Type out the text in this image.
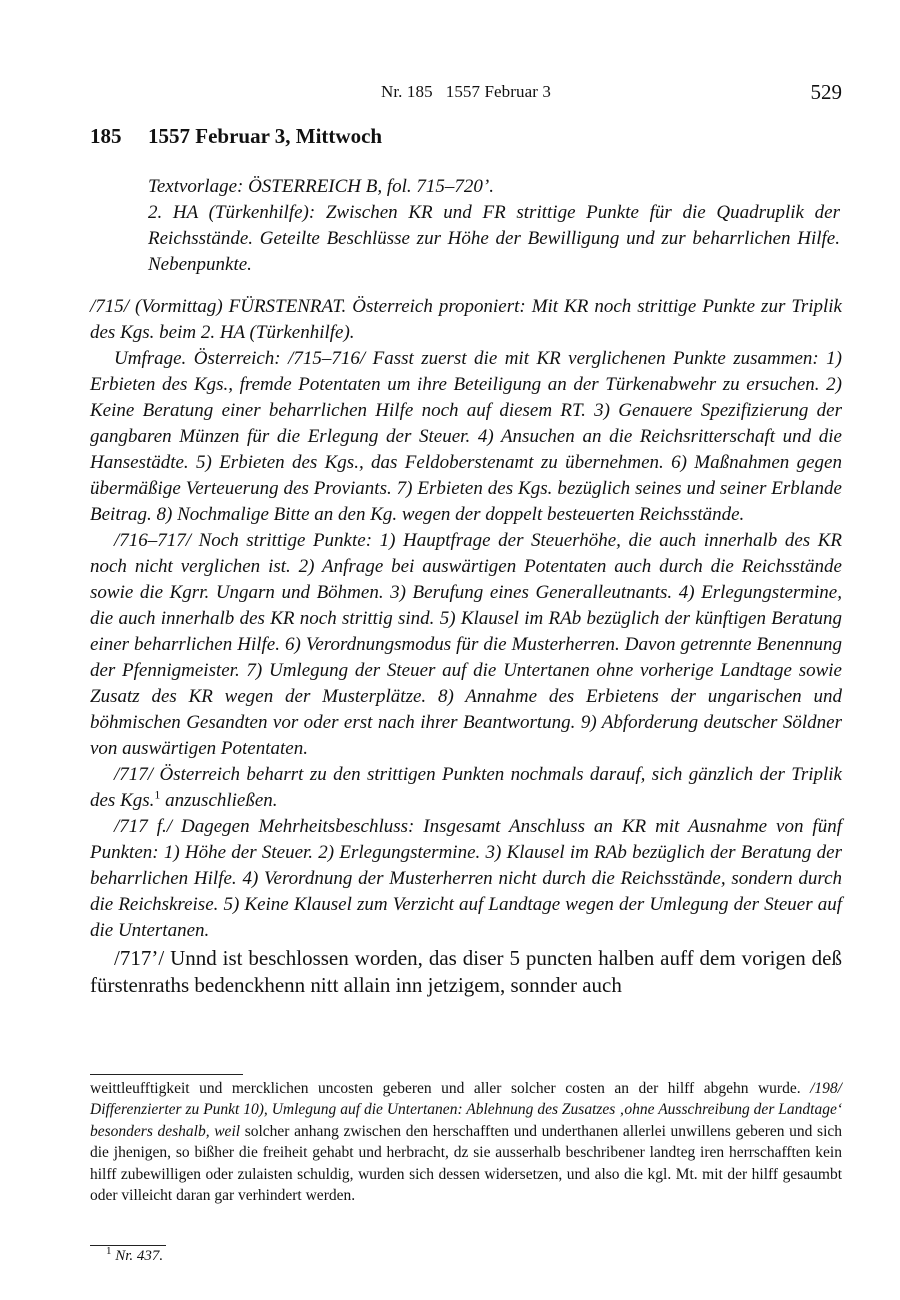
Nr. 185   1557 Februar 3	529
185 1557 Februar 3, Mittwoch

Textvorlage: ÖSTERREICH B, fol. 715–720’.

2. HA (Türkenhilfe): Zwischen KR und FR strittige Punkte für die Quadruplik der Reichsstände. Geteilte Beschlüsse zur Höhe der Bewilligung und zur beharrlichen Hilfe. Nebenpunkte.

/715/ (Vormittag) FÜRSTENRAT. Österreich proponiert: Mit KR noch strittige Punkte zur Triplik des Kgs. beim 2. HA (Türkenhilfe).

Umfrage. Österreich: /715–716/ Fasst zuerst die mit KR verglichenen Punkte zusammen: 1) Erbieten des Kgs., fremde Potentaten um ihre Beteiligung an der Türkenabwehr zu ersuchen. 2) Keine Beratung einer beharrlichen Hilfe noch auf diesem RT. 3) Genauere Spezifizierung der gangbaren Münzen für die Erlegung der Steuer. 4) Ansuchen an die Reichsritterschaft und die Hansestädte. 5) Erbieten des Kgs., das Feldoberstenamt zu übernehmen. 6) Maßnahmen gegen übermäßige Verteuerung des Proviants. 7) Erbieten des Kgs. bezüglich seines und seiner Erblande Beitrag. 8) Nochmalige Bitte an den Kg. wegen der doppelt besteuerten Reichsstände.

/716–717/ Noch strittige Punkte: 1) Hauptfrage der Steuerhöhe, die auch innerhalb des KR noch nicht verglichen ist. 2) Anfrage bei auswärtigen Potentaten auch durch die Reichsstände sowie die Kgrr. Ungarn und Böhmen. 3) Berufung eines Generalleutnants. 4) Erlegungstermine, die auch innerhalb des KR noch strittig sind. 5) Klausel im RAb bezüglich der künftigen Beratung einer beharrlichen Hilfe. 6) Verordnungsmodus für die Musterherren. Davon getrennte Benennung der Pfennigmeister. 7) Umlegung der Steuer auf die Untertanen ohne vorherige Landtage sowie Zusatz des KR wegen der Musterplätze. 8) Annahme des Erbietens der ungarischen und böhmischen Gesandten vor oder erst nach ihrer Beantwortung. 9) Abforderung deutscher Söldner von auswärtigen Potentaten.

/717/ Österreich beharrt zu den strittigen Punkten nochmals darauf, sich gänzlich der Triplik des Kgs.$^1$ anzuschließen.

/717 f./ Dagegen Mehrheitsbeschluss: Insgesamt Anschluss an KR mit Ausnahme von fünf Punkten: 1) Höhe der Steuer. 2) Erlegungstermine. 3) Klausel im RAb bezüglich der Beratung der beharrlichen Hilfe. 4) Verordnung der Musterherren nicht durch die Reichsstände, sondern durch die Reichskreise. 5) Keine Klausel zum Verzicht auf Landtage wegen der Umlegung der Steuer auf die Untertanen.

/717’/ Unnd ist beschlossen worden, das diser 5 puncten halben auff dem vorigen deß fürstenraths bedenckhenn nitt allain inn jetzigem, sonnder auch

weittleufftigkeit und mercklichen uncosten geberen und aller solcher costen an der hilff abgehn wurde. /198/ Differenzierter zu Punkt 10), Umlegung auf die Untertanen: Ablehnung des Zusatzes ‚ohne Ausschreibung der Landtage‘ besonders deshalb, weil solcher anhang zwischen den herschafften und underthanen allerlei unwillens geberen und sich die jhenigen, so bißher die freiheit gehabt und herbracht, dz sie ausserhalb beschribener landteg iren herrschafften kein hilff zubewilligen oder zulaisten schuldig, wurden sich dessen widersetzen, und also die kgl. Mt. mit der hilff gesaumbt oder villeicht daran gar verhindert werden.

$^1$ Nr. 437.
